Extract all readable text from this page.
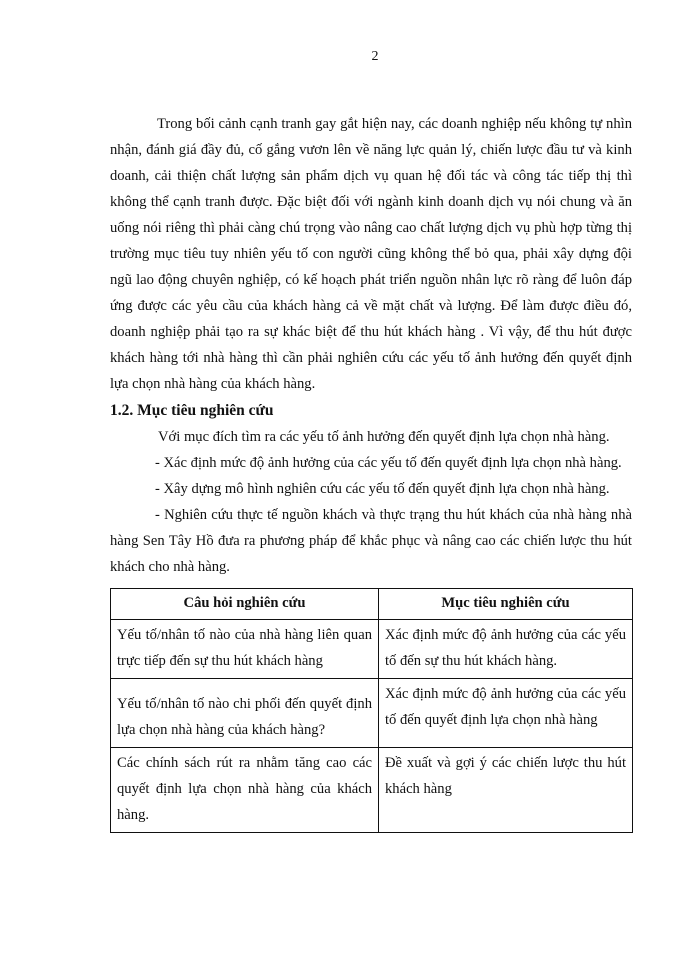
2

Trong bối cảnh cạnh tranh gay gắt hiện nay, các doanh nghiệp nếu không tự nhìn nhận, đánh giá đầy đủ, cố gắng vươn lên về năng lực quản lý, chiến lược đầu tư và kinh doanh, cải thiện chất lượng sản phẩm dịch vụ quan hệ đối tác và công tác tiếp thị thì không thể cạnh tranh được. Đặc biệt đối với ngành kinh doanh dịch vụ nói chung và ăn uống nói riêng thì phải càng chú trọng vào nâng cao chất lượng dịch vụ phù hợp từng thị trường mục tiêu tuy nhiên yếu tố con người cũng không thể bỏ qua, phải xây dựng đội ngũ lao động chuyên nghiệp, có kế hoạch phát triển nguồn nhân lực rõ ràng để luôn đáp ứng được các yêu cầu của khách hàng cả về mặt chất và lượng. Để làm được điều đó, doanh nghiệp phải tạo ra sự khác biệt để thu hút khách hàng . Vì vậy, để thu hút được khách hàng tới nhà hàng thì cần phải nghiên cứu các yếu tố ảnh hưởng đến quyết định lựa chọn nhà hàng của khách hàng.

1.2. Mục tiêu nghiên cứu

Với mục đích tìm ra các yếu tố ảnh hưởng đến quyết định lựa chọn nhà hàng.

- Xác định mức độ ảnh hưởng của các yếu tố đến quyết định lựa chọn nhà hàng.

- Xây dựng mô hình nghiên cứu các yếu tố đến quyết định lựa chọn nhà hàng.

- Nghiên cứu thực tế nguồn khách và thực trạng thu hút khách của nhà hàng nhà hàng Sen Tây Hồ đưa ra phương pháp để khắc phục và nâng cao các chiến lược thu hút khách cho nhà hàng.

Câu hỏi nghiên cứu	Mục tiêu nghiên cứu
Yếu tố/nhân tố nào của nhà hàng liên quan trực tiếp đến sự thu hút khách hàng	Xác định mức độ ảnh hưởng của các yếu tố đến sự thu hút khách hàng.
Yếu tố/nhân tố nào chi phối đến quyết định lựa chọn nhà hàng của khách hàng?	Xác định mức độ ảnh hưởng của các yếu tố đến quyết định lựa chọn nhà hàng
Các chính sách rút ra nhằm tăng cao các quyết định lựa chọn nhà hàng của khách hàng.	Đề xuất và gợi ý các chiến lược thu hút khách hàng
